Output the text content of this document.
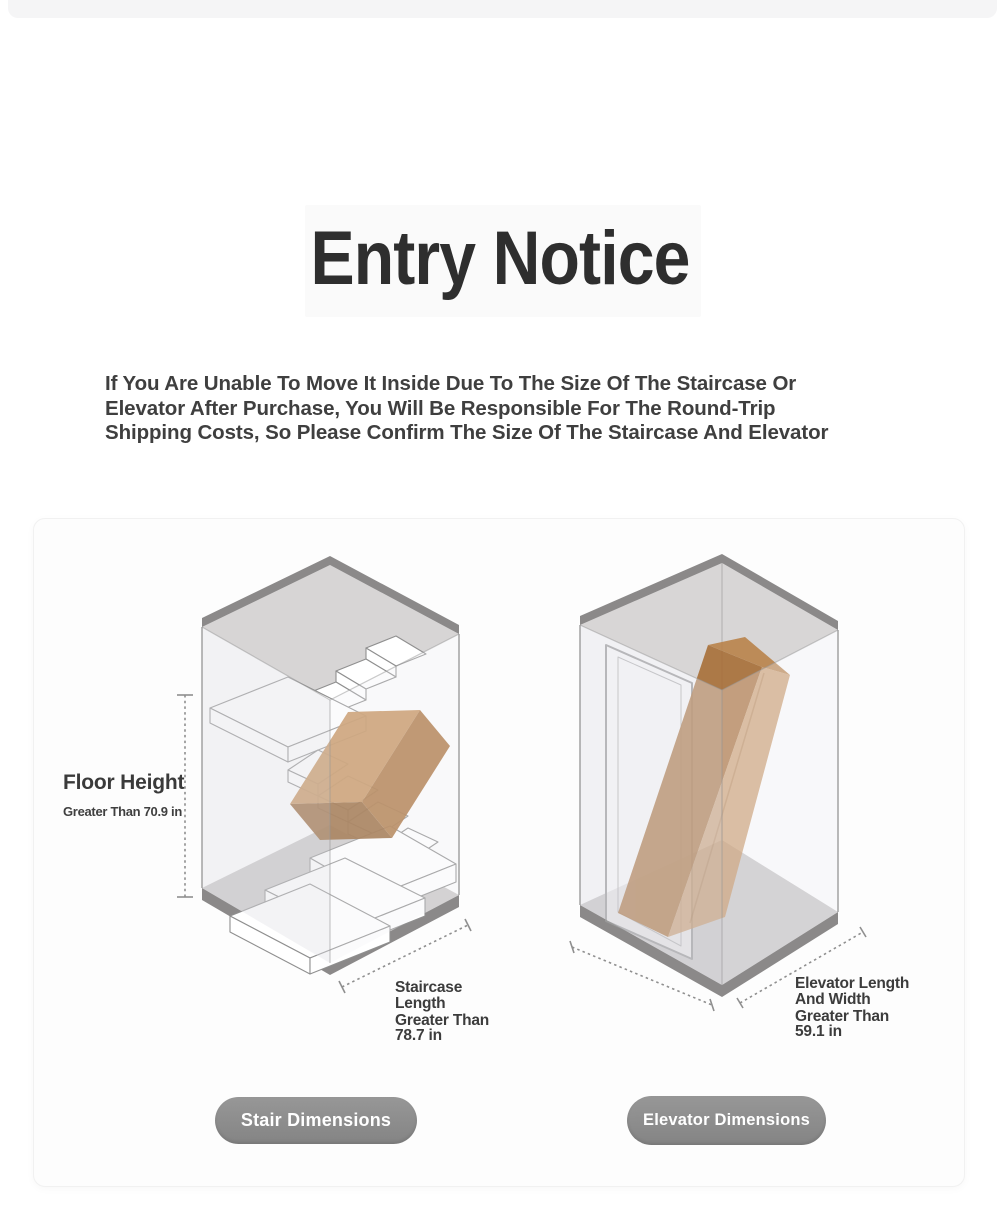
Entry Notice
If You Are Unable To Move It Inside Due To The Size Of The Staircase Or
Elevator After Purchase, You Will Be Responsible For The Round-Trip
Shipping Costs, So Please Confirm The Size Of The Staircase And Elevator
Floor Height
Greater Than 70.9 in
Staircase
Length
Greater Than
78.7 in
Elevator Length
And Width
Greater Than
59.1 in
Stair Dimensions	Elevator Dimensions
